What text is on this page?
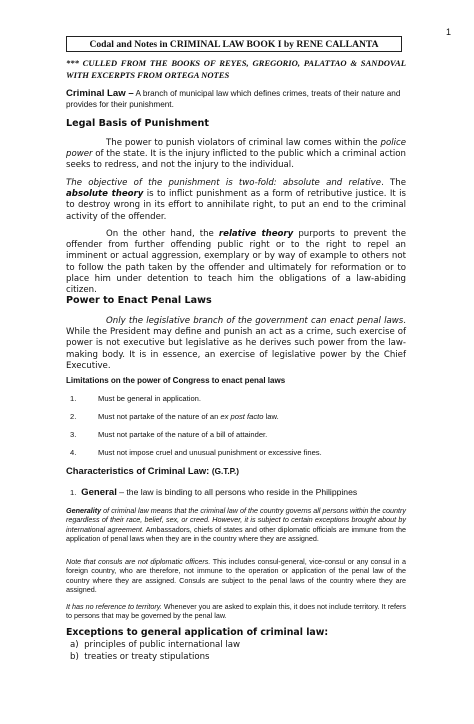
1
Codal and Notes in CRIMINAL LAW BOOK I by RENE CALLANTA
*** CULLED FROM THE BOOKS OF REYES, GREGORIO, PALATTAO & SANDOVAL WITH EXCERPTS FROM ORTEGA NOTES
Criminal Law – A branch of municipal law which defines crimes, treats of their nature and provides for their punishment.
Legal Basis of Punishment
The power to punish violators of criminal law comes within the police power of the state. It is the injury inflicted to the public which a criminal action seeks to redress, and not the injury to the individual.
The objective of the punishment is two-fold: absolute and relative. The absolute theory is to inflict punishment as a form of retributive justice. It is to destroy wrong in its effort to annihilate right, to put an end to the criminal activity of the offender.
On the other hand, the relative theory purports to prevent the offender from further offending public right or to the right to repel an imminent or actual aggression, exemplary or by way of example to others not to follow the path taken by the offender and ultimately for reformation or to place him under detention to teach him the obligations of a law-abiding citizen.
Power to Enact Penal Laws
Only the legislative branch of the government can enact penal laws. While the President may define and punish an act as a crime, such exercise of power is not executive but legislative as he derives such power from the law-making body. It is in essence, an exercise of legislative power by the Chief Executive.
Limitations on the power of Congress to enact penal laws
1.	Must be general in application.
2.	Must not partake of the nature of an ex post facto law.
3.	Must not partake of the nature of a bill of attainder.
4.	Must not impose cruel and unusual punishment or excessive fines.
Characteristics of Criminal Law: (G.T.P.)
1. General – the law is binding to all persons who reside in the Philippines
Generality of criminal law means that the criminal law of the country governs all persons within the country regardless of their race, belief, sex, or creed. However, it is subject to certain exceptions brought about by international agreement. Ambassadors, chiefs of states and other diplomatic officials are immune from the application of penal laws when they are in the country where they are assigned.
Note that consuls are not diplomatic officers. This includes consul-general, vice-consul or any consul in a foreign country, who are therefore, not immune to the operation or application of the penal law of the country where they are assigned. Consuls are subject to the penal laws of the country where they are assigned.
It has no reference to territory. Whenever you are asked to explain this, it does not include territory. It refers to persons that may be governed by the penal law.
Exceptions to general application of criminal law:
a) principles of public international law
b) treaties or treaty stipulations
